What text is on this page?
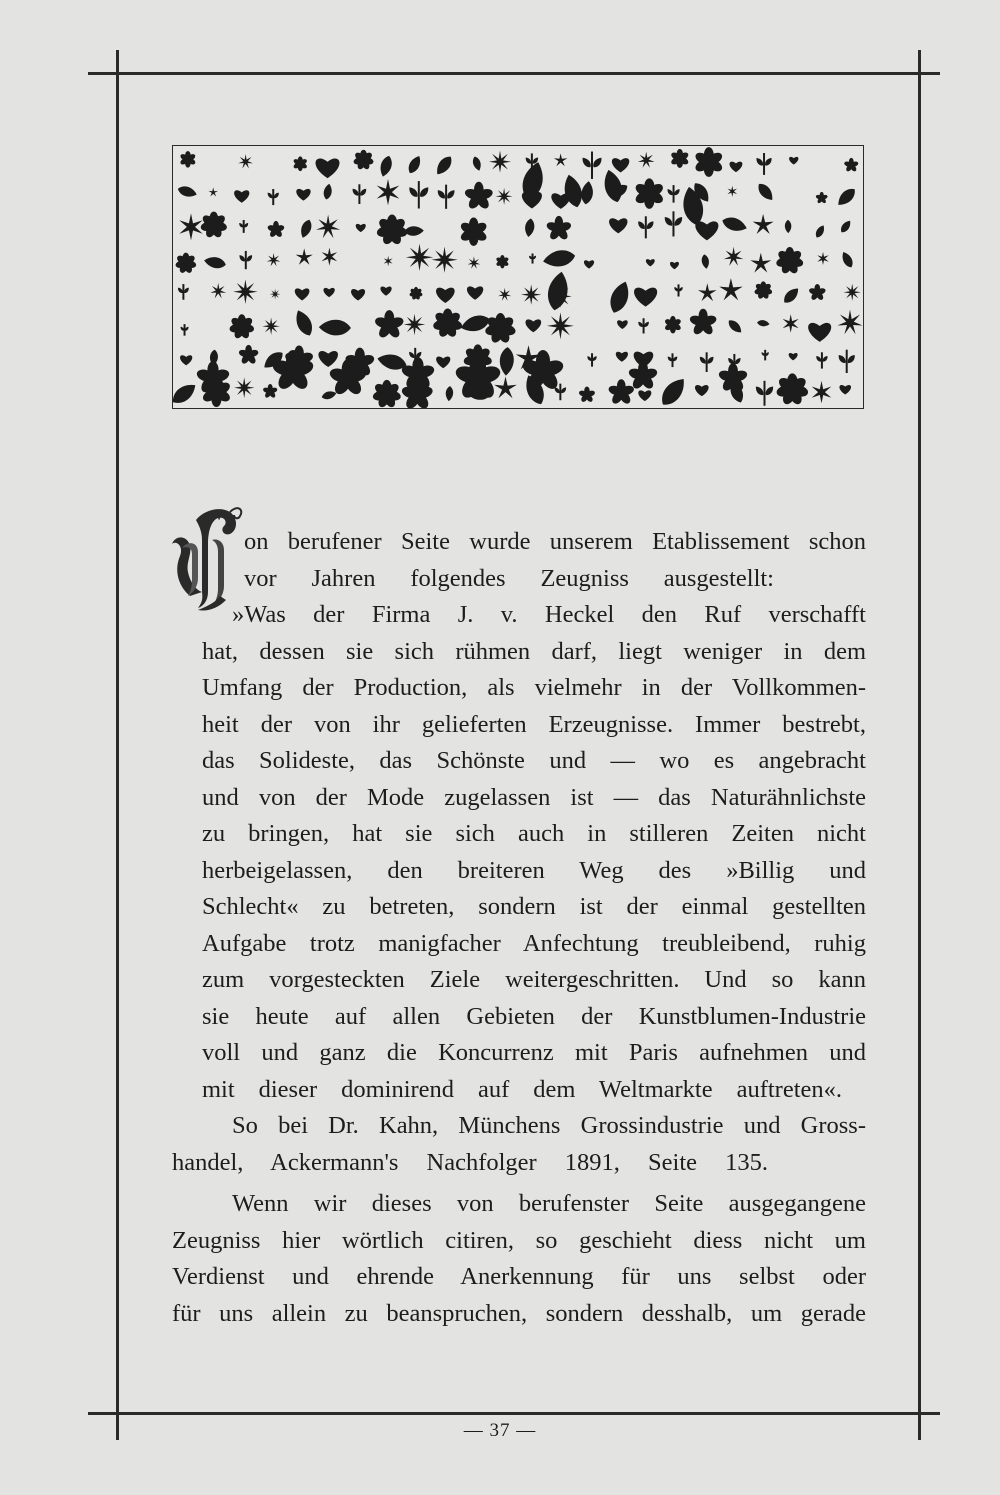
V
on berufener Seite wurde unserem Etablissement schon
vor Jahren folgendes Zeugniss ausgestellt:
»Was der Firma J. v. Heckel den Ruf verschafft
hat, dessen sie sich rühmen darf, liegt weniger in dem
Umfang der Production, als vielmehr in der Vollkommen-
heit der von ihr gelieferten Erzeugnisse. Immer bestrebt,
das Solideste, das Schönste und — wo es angebracht
und von der Mode zugelassen ist — das Naturähnlichste
zu bringen, hat sie sich auch in stilleren Zeiten nicht
herbeigelassen, den breiteren Weg des »Billig und
Schlecht« zu betreten, sondern ist der einmal gestellten
Aufgabe trotz manigfacher Anfechtung treubleibend, ruhig
zum vorgesteckten Ziele weitergeschritten. Und so kann
sie heute auf allen Gebieten der Kunstblumen-Industrie
voll und ganz die Koncurrenz mit Paris aufnehmen und
mit dieser dominirend auf dem Weltmarkte auftreten«.
So bei Dr. Kahn, Münchens Grossindustrie und Gross-
handel, Ackermann's Nachfolger 1891, Seite 135.
Wenn wir dieses von berufenster Seite ausgegangene
Zeugniss hier wörtlich citiren, so geschieht diess nicht um
Verdienst und ehrende Anerkennung für uns selbst oder
für uns allein zu beanspruchen, sondern desshalb, um gerade
— 37 —
